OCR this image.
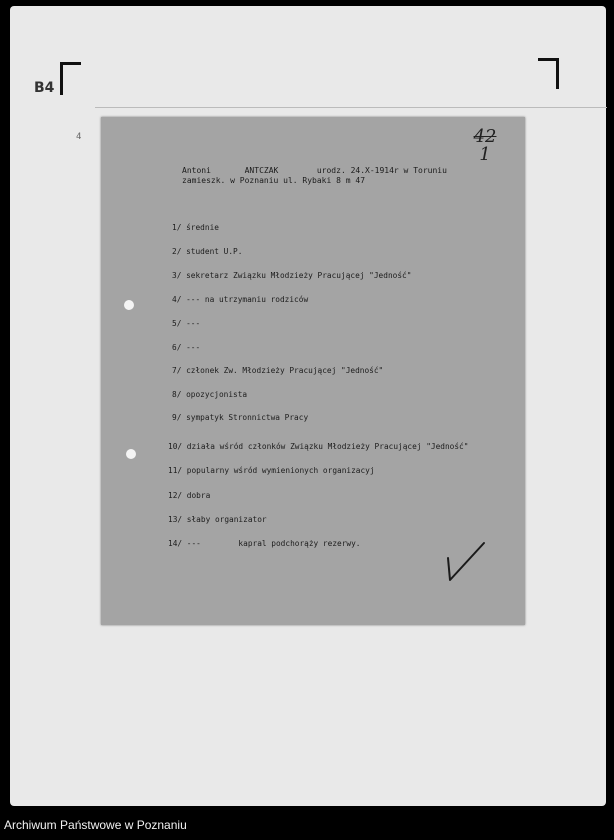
B4
4	42
1
Antoni       ANTCZAK        urodz. 24.X-1914r w Toruniu
zamieszk. w Poznaniu ul. Rybaki 8 m 47
1/ średnie
2/ student U.P.
3/ sekretarz Związku Młodzieży Pracującej "Jedność"
4/ --- na utrzymaniu rodziców
5/ ---
6/ ---
7/ członek Zw. Młodzieży Pracującej "Jedność"
8/ opozycjonista
9/ sympatyk Stronnictwa Pracy
10/ działa wśród członków Związku Młodzieży Pracującej "Jedność"
11/ popularny wśród wymienionych organizacyj
12/ dobra
13/ słaby organizator
14/ ---        kapral podchorąży rezerwy.
Archiwum Państwowe w Poznaniu
